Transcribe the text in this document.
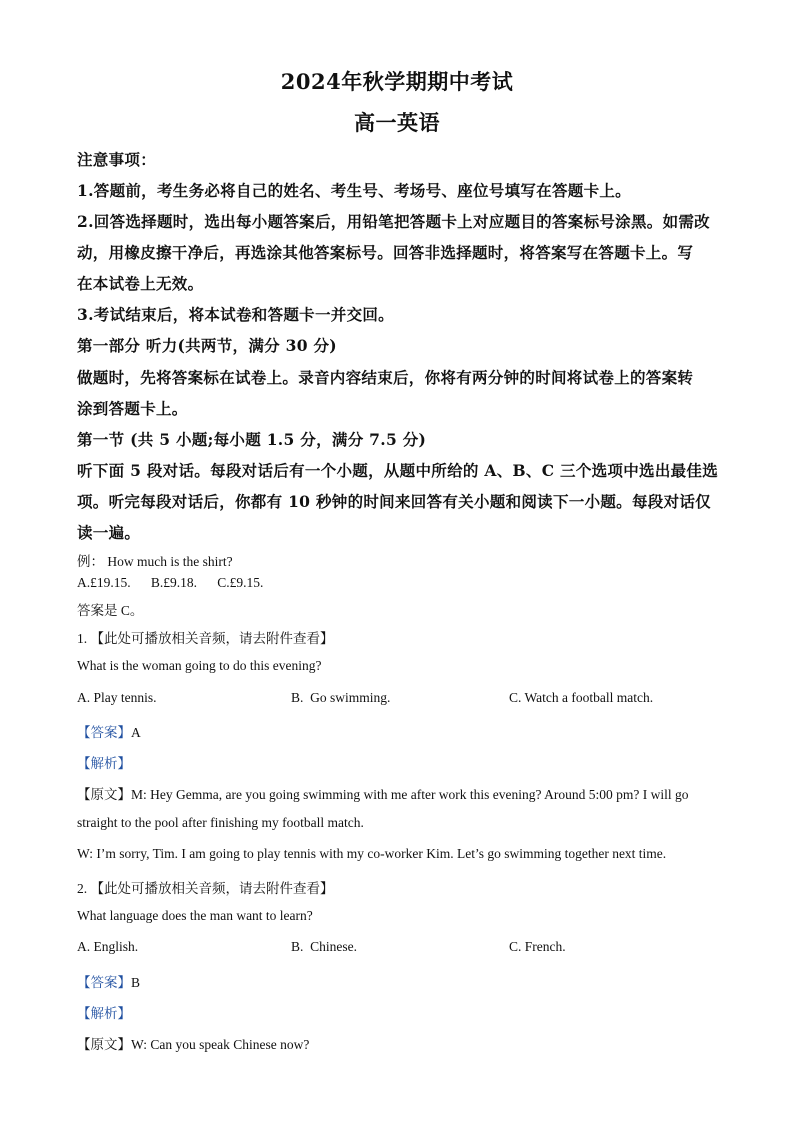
2024年秋学期期中考试
高一英语
注意事项：
1.答题前，考生务必将自己的姓名、考生号、考场号、座位号填写在答题卡上。
2.回答选择题时，选出每小题答案后，用铅笔把答题卡上对应题目的答案标号涂黑。如需改
动，用橡皮擦干净后，再选涂其他答案标号。回答非选择题时，将答案写在答题卡上。写
在本试卷上无效。
3.考试结束后，将本试卷和答题卡一并交回。
第一部分 听力(共两节，满分 30 分)
做题时，先将答案标在试卷上。录音内容结束后，你将有两分钟的时间将试卷上的答案转
涂到答题卡上。
第一节 (共 5 小题;每小题 1.5 分，满分 7.5 分)
听下面 5 段对话。每段对话后有一个小题，从题中所给的 A、B、C 三个选项中选出最佳选
项。听完每段对话后，你都有 10 秒钟的时间来回答有关小题和阅读下一小题。每段对话仅
读一遍。
例： How much is the shirt?
A.£19.15.      B.£9.18.      C.£9.15.
答案是 C。
1. 【此处可播放相关音频，请去附件查看】
What is the woman going to do this evening?
A. Play tennis.	B.  Go swimming.	C. Watch a football match.
【答案】A
【解析】
【原文】M: Hey Gemma, are you going swimming with me after work this evening? Around 5:00 pm? I will go
straight to the pool after finishing my football match.
W: I’m sorry, Tim. I am going to play tennis with my co-worker Kim. Let’s go swimming together next time.
2. 【此处可播放相关音频，请去附件查看】
What language does the man want to learn?
A. English.	B.  Chinese.	C. French.
【答案】B
【解析】
【原文】W: Can you speak Chinese now?
